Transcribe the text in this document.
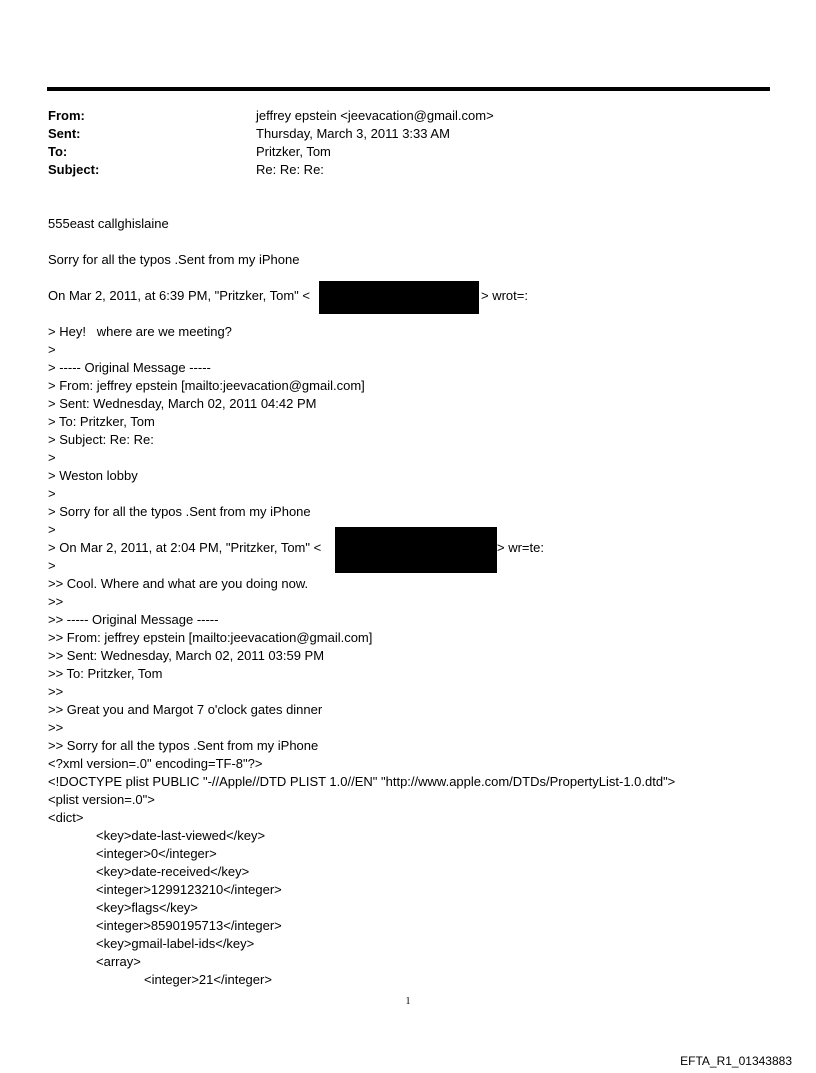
From:	jeffrey epstein <jeevacation@gmail.com>
Sent:	Thursday, March 3, 2011 3:33 AM
To:	Pritzker, Tom
Subject:	Re: Re: Re:
555east callghislaine
Sorry for all the typos .Sent from my iPhone
On Mar 2, 2011, at 6:39 PM, "Pritzker, Tom" <	> wrot=:
> Hey!   where are we meeting?
>
> ----- Original Message -----
> From: jeffrey epstein [mailto:jeevacation@gmail.com]
> Sent: Wednesday, March 02, 2011 04:42 PM
> To: Pritzker, Tom
> Subject: Re: Re:
>
> Weston lobby
>
> Sorry for all the typos .Sent from my iPhone
>
> On Mar 2, 2011, at 2:04 PM, "Pritzker, Tom" <	> wr=te:
>
>> Cool. Where and what are you doing now.
>>
>> ----- Original Message -----
>> From: jeffrey epstein [mailto:jeevacation@gmail.com]
>> Sent: Wednesday, March 02, 2011 03:59 PM
>> To: Pritzker, Tom
>>
>> Great you and Margot 7 o'clock gates dinner
>>
>> Sorry for all the typos .Sent from my iPhone
<?xml version=.0" encoding=TF-8"?>
<!DOCTYPE plist PUBLIC "-//Apple//DTD PLIST 1.0//EN" "http://www.apple.com/DTDs/PropertyList-1.0.dtd">
<plist version=.0">
<dict>
<key>date-last-viewed</key>
<integer>0</integer>
<key>date-received</key>
<integer>1299123210</integer>
<key>flags</key>
<integer>8590195713</integer>
<key>gmail-label-ids</key>
<array>
<integer>21</integer>
1
EFTA_R1_01343883
